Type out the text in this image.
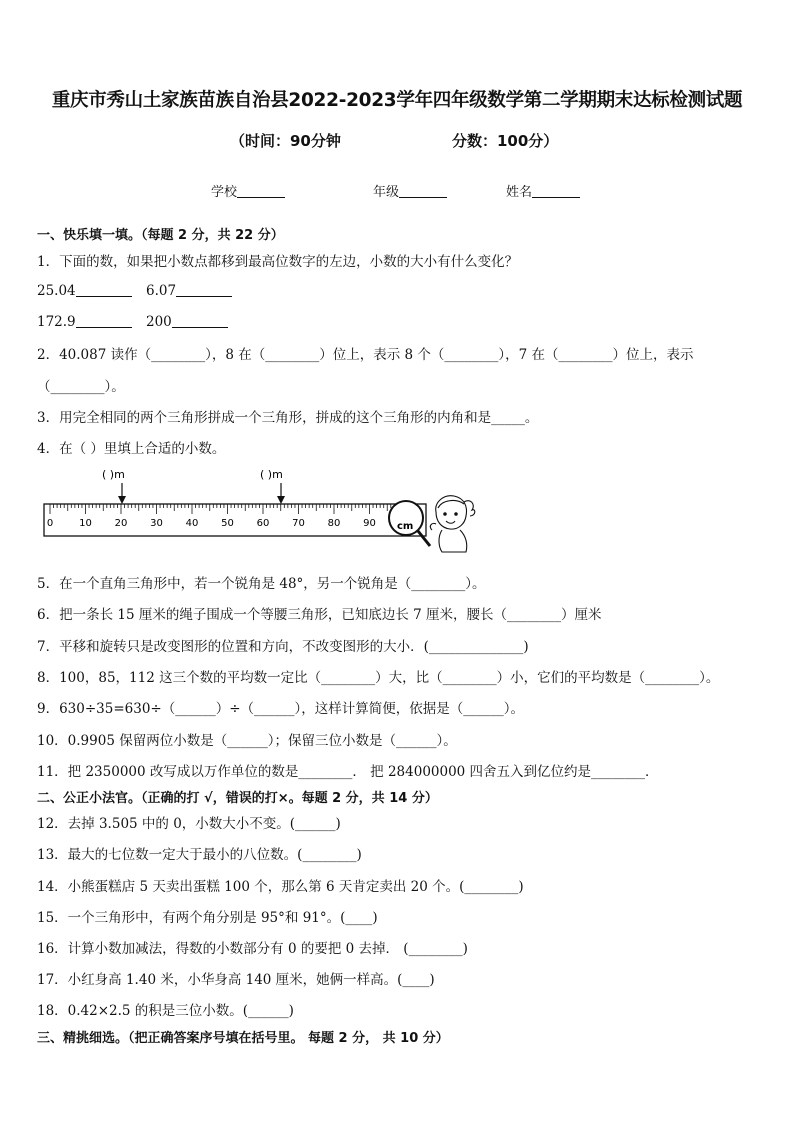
重庆市秀山土家族苗族自治县2022-2023学年四年级数学第二学期期末达标检测试题
（时间：90分钟	分数：100分）
学校	年级	姓名
一、快乐填一填。（每题 2 分，共 22 分）
1．下面的数，如果把小数点都移到最高位数字的左边，小数的大小有什么变化？
25.04	6.07
172.9	200
2．40.087 读作（________），8 在（________）位上，表示 8 个（________），7 在（________）位上，表示
（________）。
3．用完全相同的两个三角形拼成一个三角形，拼成的这个三角形的内角和是_____。
4．在（ ）里填上合适的小数。
( )m	( )m
0	10 20 30 40 50 60 70 80 90 cm
5．在一个直角三角形中，若一个锐角是 48°，另一个锐角是（________）。
6．把一条长 15 厘米的绳子围成一个等腰三角形，已知底边长 7 厘米，腰长（________）厘米
7．平移和旋转只是改变图形的位置和方向，不改变图形的大小．(______________)
8．100，85，112 这三个数的平均数一定比（________）大，比（________）小，它们的平均数是（________）。
9．630÷35=630÷（______）÷（______），这样计算简便，依据是（______）。
10．0.9905 保留两位小数是（______）；保留三位小数是（______）。
11．把 2350000 改写成以万作单位的数是________． 把 284000000 四舍五入到亿位约是________．
二、公正小法官。（正确的打 √，错误的打×。每题 2 分，共 14 分）
12．去掉 3.505 中的 0，小数大小不变。(______)
13．最大的七位数一定大于最小的八位数。(________)
14．小熊蛋糕店 5 天卖出蛋糕 100 个，那么第 6 天肯定卖出 20 个。(________)
15．一个三角形中，有两个角分别是 95°和 91°。(____)
16．计算小数加减法，得数的小数部分有 0 的要把 0 去掉． (________)
17．小红身高 1.40 米，小华身高 140 厘米，她俩一样高。(____)
18．0.42×2.5 的积是三位小数。(______)
三、精挑细选。（把正确答案序号填在括号里。 每题 2 分， 共 10 分）
